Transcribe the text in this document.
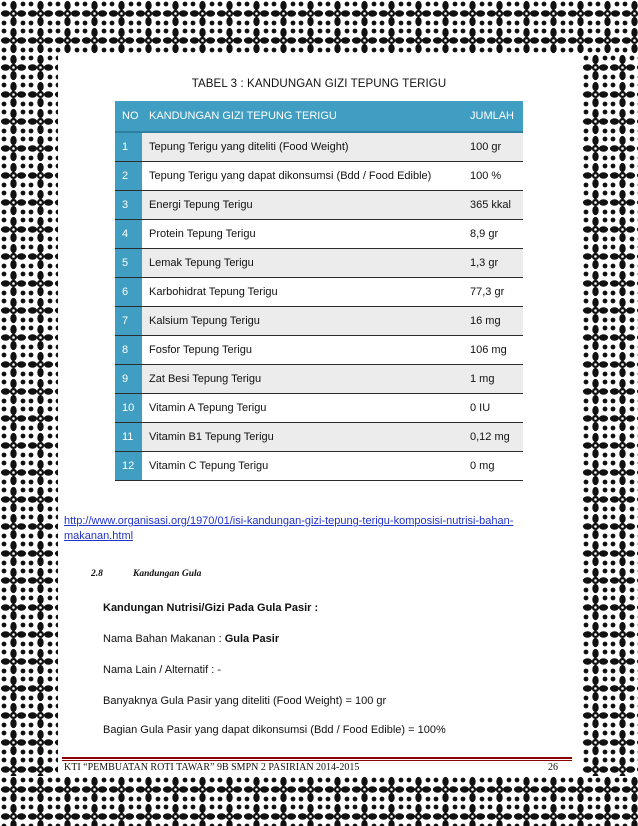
TABEL 3 : KANDUNGAN GIZI TEPUNG TERIGU
NO	KANDUNGAN GIZI TEPUNG TERIGU	JUMLAH
1	Tepung Terigu yang diteliti (Food Weight)	100 gr
2	Tepung Terigu yang dapat dikonsumsi (Bdd / Food Edible)	100 %
3	Energi Tepung Terigu	365 kkal
4	Protein Tepung Terigu	8,9 gr
5	Lemak Tepung Terigu	1,3 gr
6	Karbohidrat Tepung Terigu	77,3 gr
7	Kalsium Tepung Terigu	16 mg
8	Fosfor Tepung Terigu	106 mg
9	Zat Besi Tepung Terigu	1 mg
10	Vitamin A Tepung Terigu	0 IU
11	Vitamin B1 Tepung Terigu	0,12 mg
12	Vitamin C Tepung Terigu	0 mg
http://www.organisasi.org/1970/01/isi-kandungan-gizi-tepung-terigu-komposisi-nutrisi-bahan-makanan.html
2.8	Kandungan Gula
Kandungan Nutrisi/Gizi Pada Gula Pasir :
Nama Bahan Makanan : Gula Pasir
Nama Lain / Alternatif : -
Banyaknya Gula Pasir yang diteliti (Food Weight) = 100 gr
Bagian Gula Pasir yang dapat dikonsumsi (Bdd / Food Edible) = 100%
KTI “PEMBUATAN ROTI TAWAR” 9B SMPN 2 PASIRIAN 2014-2015	26
